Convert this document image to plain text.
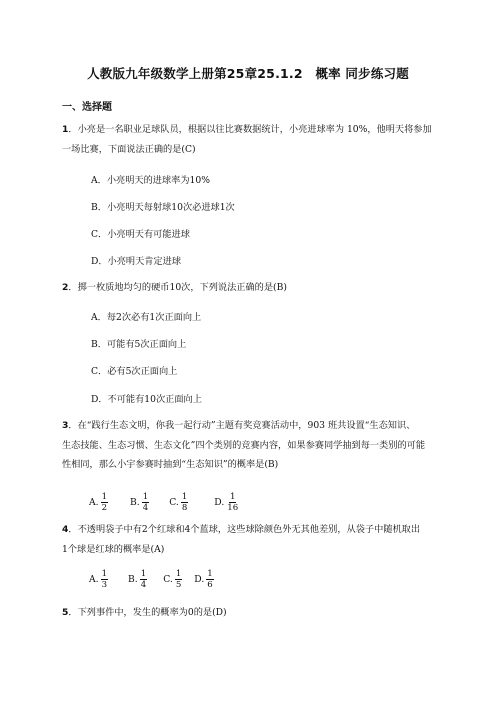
人教版九年级数学上册第25章25.1.2　概率 同步练习题
一、选择题
1．小亮是一名职业足球队员，根据以往比赛数据统计，小亮进球率为 10%，他明天将参加
一场比赛，下面说法正确的是(C)
A．小亮明天的进球率为10%
B．小亮明天每射球10次必进球1次
C．小亮明天有可能进球
D．小亮明天肯定进球
2．掷一枚质地均匀的硬币10次，下列说法正确的是(B)
A．每2次必有1次正面向上
B．可能有5次正面向上
C．必有5次正面向上
D．不可能有10次正面向上
3．在“践行生态文明，你我一起行动”主题有奖竞赛活动中，903 班共设置“生态知识、
生态技能、生态习惯、生态文化”四个类别的竞赛内容，如果参赛同学抽到每一类别的可能
性相同，那么小宇参赛时抽到“生态知识”的概率是(B)
A. $\frac{1}{2} B$. $\frac{1}{4} C$. $\frac{1}{8}$	D. $\frac{1}{16}$
4．不透明袋子中有2个红球和4个蓝球，这些球除颜色外无其他差别，从袋子中随机取出
1个球是红球的概率是(A)
A. $\frac{1}{3} B$. $\frac{1}{4} C$. $\frac{1}{5} D$. $\frac{1}{6}$
5．下列事件中，发生的概率为0的是(D)
